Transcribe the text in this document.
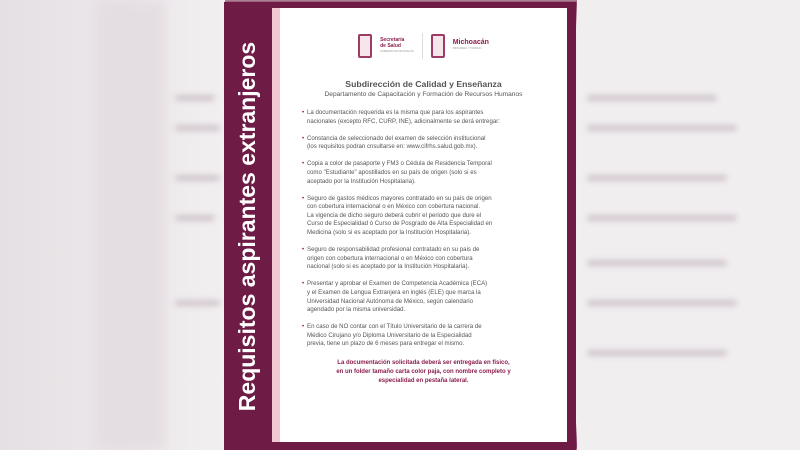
Requisitos aspirantes extranjeros
Secretaría
de Salud
GOBIERNO DE MICHOACÁN
Michoacán
PROGRESO Y TRABAJO
Subdirección de Calidad y Enseñanza
Departamento de Capacitación y Formación de Recursos Humanos
• La documentación requerida es la misma que para los aspirantes
nacionales (excepto RFC, CURP, INE), adicinalmente se derá entregar:
• Constancia de seleccionado del examen de selección institucional
(los requisitos podran cnsultarse en: www.cifrhs.salud.gob.mx).
• Copia a color de pasaporte y FM3 o Cédula de Residencia Temporal
como "Estudiante" apostillados en su país de origen (solo si es
aceptado por la Institución Hospitalaria).
• Seguro de gastos médicos mayores contratado en su país de origen
con cobertura internacional o en México con cobertura nacional.
La vigencia de dicho seguro deberá cubrir el periodo que dure el
Curso de Especialidad ó Curso de Posgrado de Alta Especialidad en
Medicina (solo si es aceptado por la Institución Hospitalaria).
• Seguro de responsabilidad profesional contratado en su pais de
origen con cobertura internacional o en México con cobertura
nacional (solo si es aceptado por la Institución Hospitalaria).
• Presentar y aprobar el Examen de Competencia Académica (ECA)
y el Examen de Lengua Extranjera en inglés (ELE) que marca la
Universidad Nacional Autónoma de México, según calendario
agendado por la misma universidad.
• En caso de NO contar con el Título Universitario de la carrera de
Médico Cirujano y/o Diploma Universitario de la Especialidad
previa, tiene un plazo de 6 meses para entregar el mismo.
La documentación solicitada deberá ser entregada en físico,
en un folder tamaño carta color paja, con nombre completo y
especialidad en pestaña lateral.
